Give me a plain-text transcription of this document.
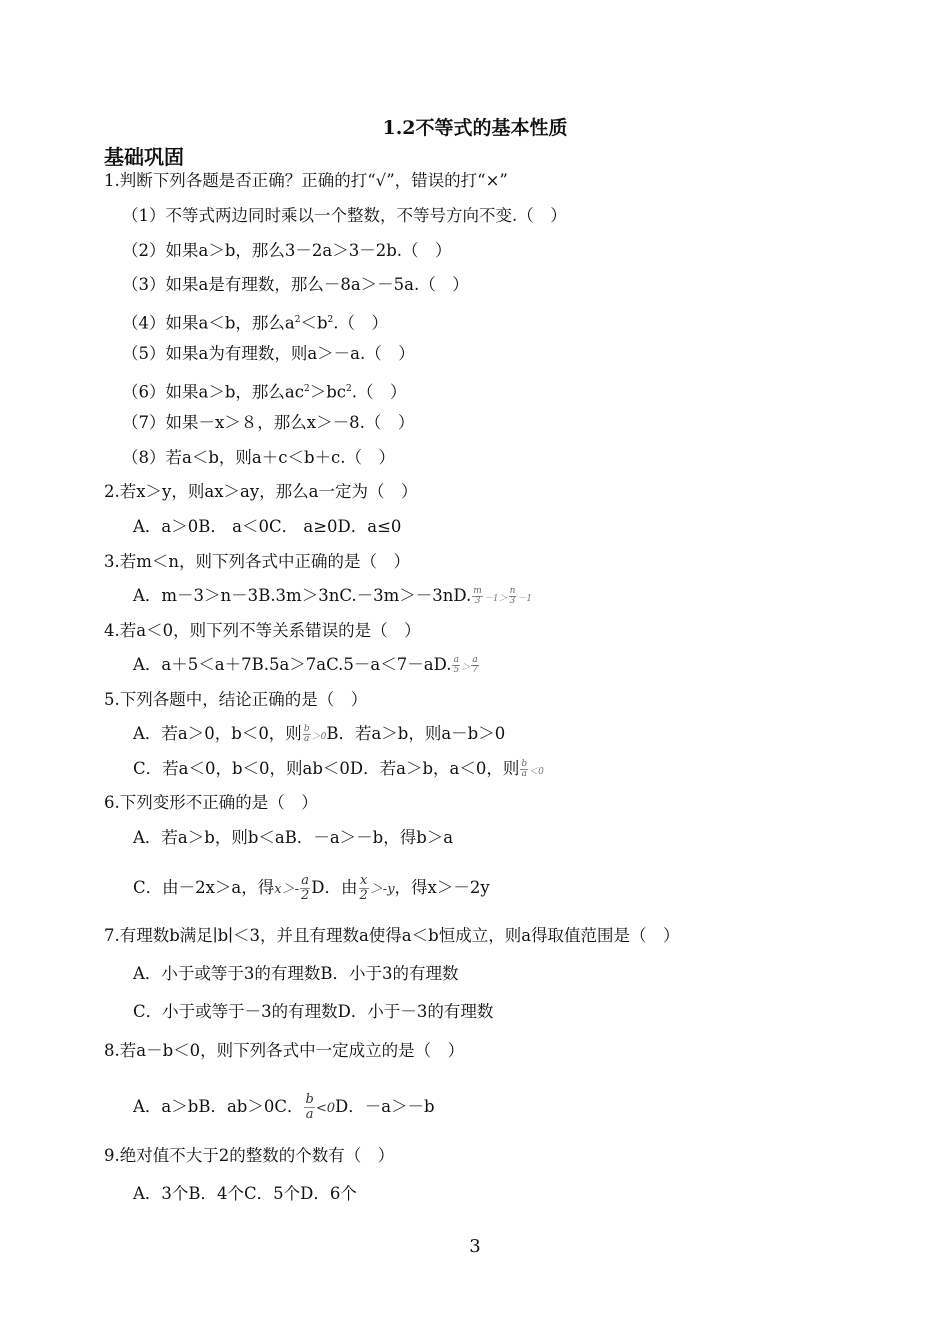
1.2不等式的基本性质
基础巩固
1.判断下列各题是否正确？正确的打“√”，错误的打“×”
（1）不等式两边同时乘以一个整数，不等号方向不变.（　）
（2）如果a＞b，那么3－2a＞3－2b.（　）
（3）如果a是有理数，那么－8a＞－5a.（　）
（4）如果a＜b，那么$a^2<b^2$.（　）
（5）如果a为有理数，则a＞－a.（　）
（6）如果a＞b，那么$ac^2>bc^2$.（　）
（7）如果－x＞８，那么x＞－8.（　）
（8）若a＜b，则a＋c＜b＋c.（　）
2.若x＞y，则ax＞ay，那么a一定为（　）
A．a＞0B． a＜0C． a≥0D．a≤0
3.若m＜n，则下列各式中正确的是（　）
A．m－3＞n－3B.3m＞3nC.－3m＞－3nD. $\frac{m}{3} -1> \frac{n}{3} -1$
4.若a＜0，则下列不等关系错误的是（　）
A．a＋5＜a＋7B.5a＞7aC.5－a＜7－aD. $\frac{a}{5} > \frac{a}{7}$
5.下列各题中，结论正确的是（　）
A．若a＞0，b＜0，则 $\frac{b}{a} >0B$．若a＞b，则a－b＞0
C．若a＜0，b＜0，则ab＜0D．若a＞b，a＜0，则 $\frac{b}{a} <0$
6.下列变形不正确的是（　）
A．若a＞b，则b＜aB．－a＞－b，得b＞a
C．由－2x＞a，得$x>- \frac{a}{2}$ D．由 $\frac{x}{2} >-y$，得x＞－2y
7.有理数b满足∣b∣＜3，并且有理数a使得a＜b恒成立，则a得取值范围是（　）
A．小于或等于3的有理数B．小于3的有理数
C．小于或等于－3的有理数D．小于－3的有理数
8.若a－b＜0，则下列各式中一定成立的是（　）
A．a＞bB．ab＞0C． $\frac{b}{a} <0D$．－a＞－b
9.绝对值不大于2的整数的个数有（　）
A．3个B．4个C．5个D．6个
3
